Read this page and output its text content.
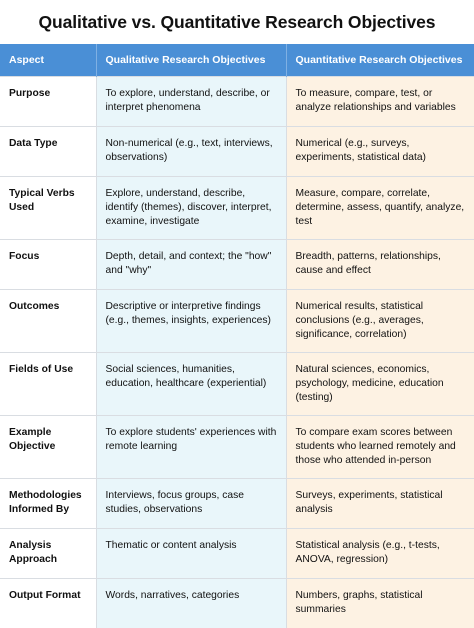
Qualitative vs. Quantitative Research Objectives
Aspect	Qualitative Research Objectives	Quantitative Research Objectives
Purpose	To explore, understand, describe, or interpret phenomena	To measure, compare, test, or analyze relationships and variables
Data Type	Non-numerical (e.g., text, interviews, observations)	Numerical (e.g., surveys, experiments, statistical data)
Typical Verbs Used	Explore, understand, describe, identify (themes), discover, interpret, examine, investigate	Measure, compare, correlate, determine, assess, quantify, analyze, test
Focus	Depth, detail, and context; the "how" and "why"	Breadth, patterns, relationships, cause and effect
Outcomes	Descriptive or interpretive findings (e.g., themes, insights, experiences)	Numerical results, statistical conclusions (e.g., averages, significance, correlation)
Fields of Use	Social sciences, humanities, education, healthcare (experiential)	Natural sciences, economics, psychology, medicine, education (testing)
Example Objective	To explore students' experiences with remote learning	To compare exam scores between students who learned remotely and those who attended in-person
Methodologies Informed By	Interviews, focus groups, case studies, observations	Surveys, experiments, statistical analysis
Analysis Approach	Thematic or content analysis	Statistical analysis (e.g., t-tests, ANOVA, regression)
Output Format	Words, narratives, categories	Numbers, graphs, statistical summaries
